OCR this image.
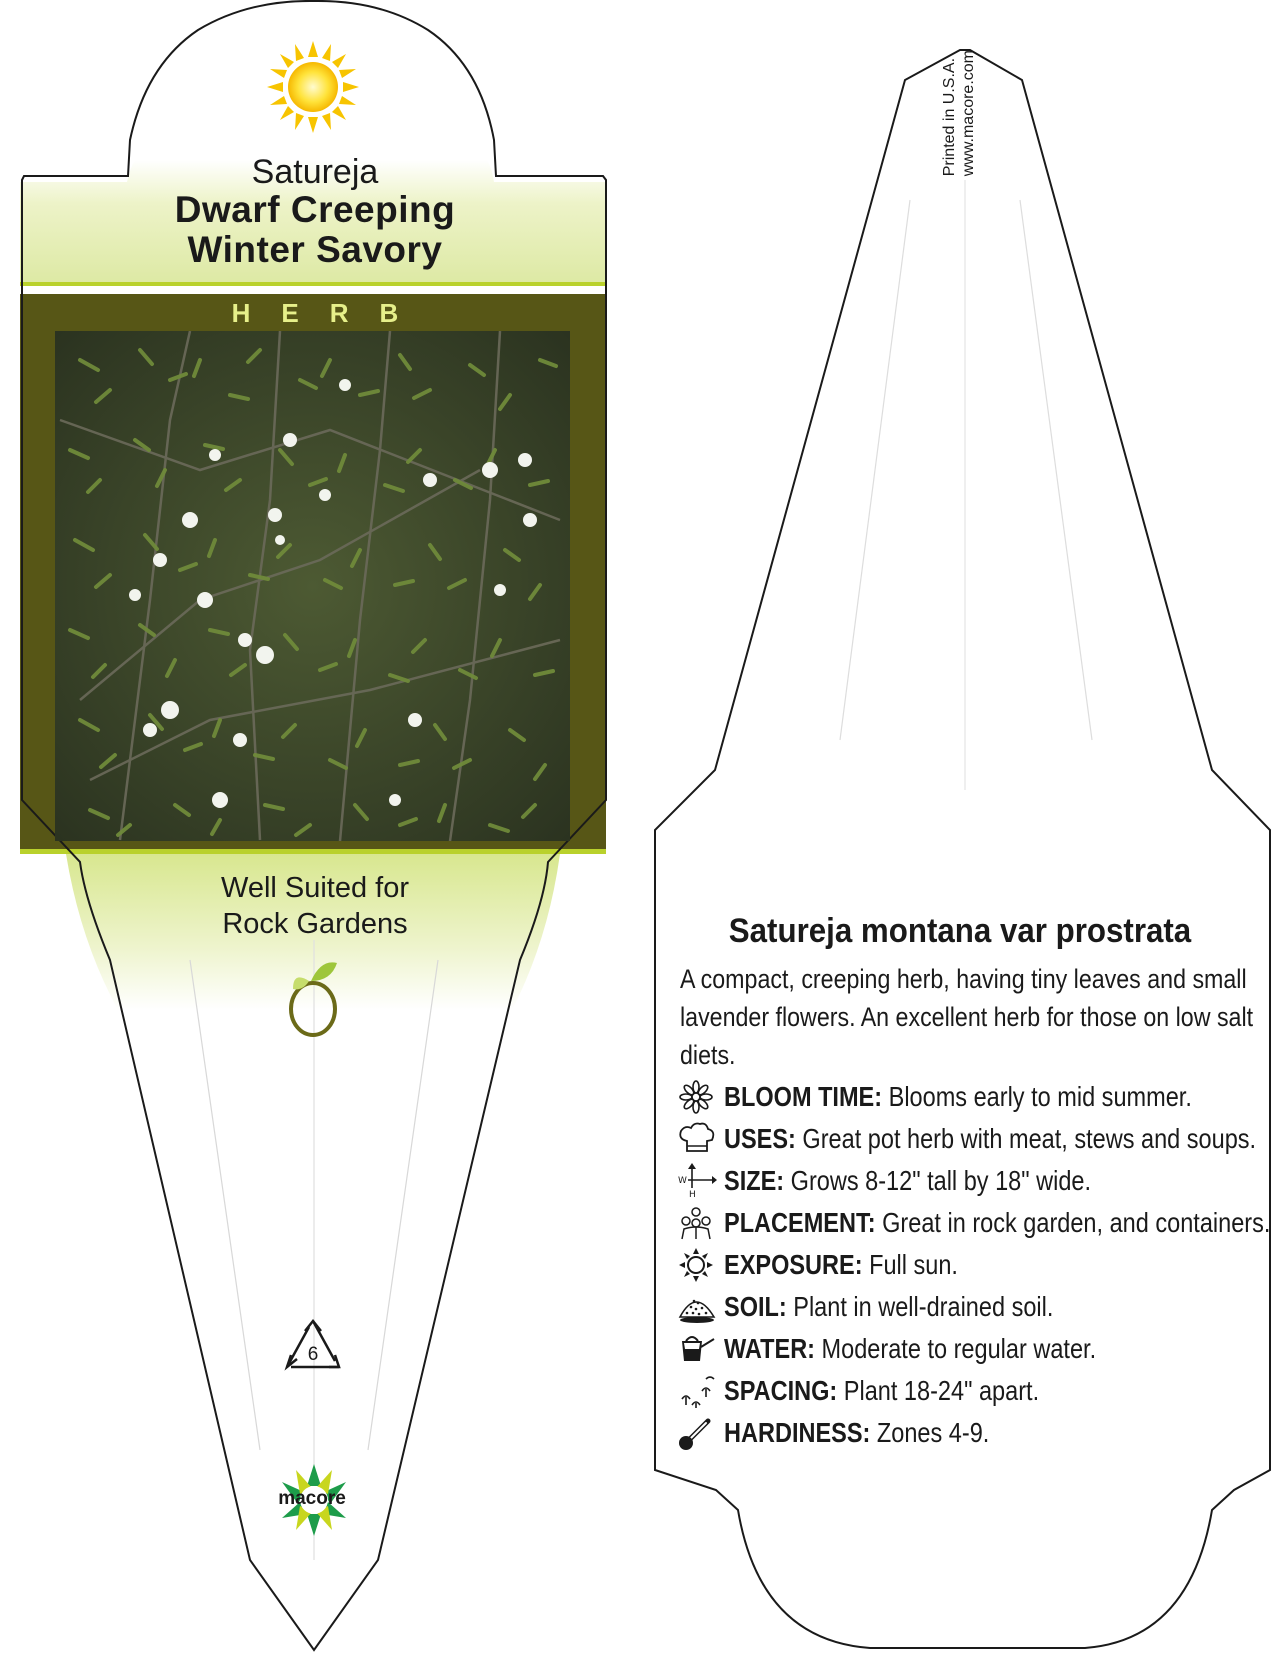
Satureja
Dwarf Creeping
Winter Savory
HERB
Well Suited for
Rock Gardens
6
macore
Printed in U.S.A. www.macore.com
Satureja montana var prostrata
A compact, creeping herb, having tiny leaves and small lavender flowers. An excellent herb for those on low salt diets.
BLOOM TIME: Blooms early to mid summer.
USES: Great pot herb with meat, stews and soups.
W
H SIZE: Grows 8-12" tall by 18" wide.
PLACEMENT: Great in rock garden, and containers.
EXPOSURE: Full sun.
SOIL: Plant in well-drained soil.
WATER: Moderate to regular water.
SPACING: Plant 18-24" apart.
HARDINESS: Zones 4-9.
